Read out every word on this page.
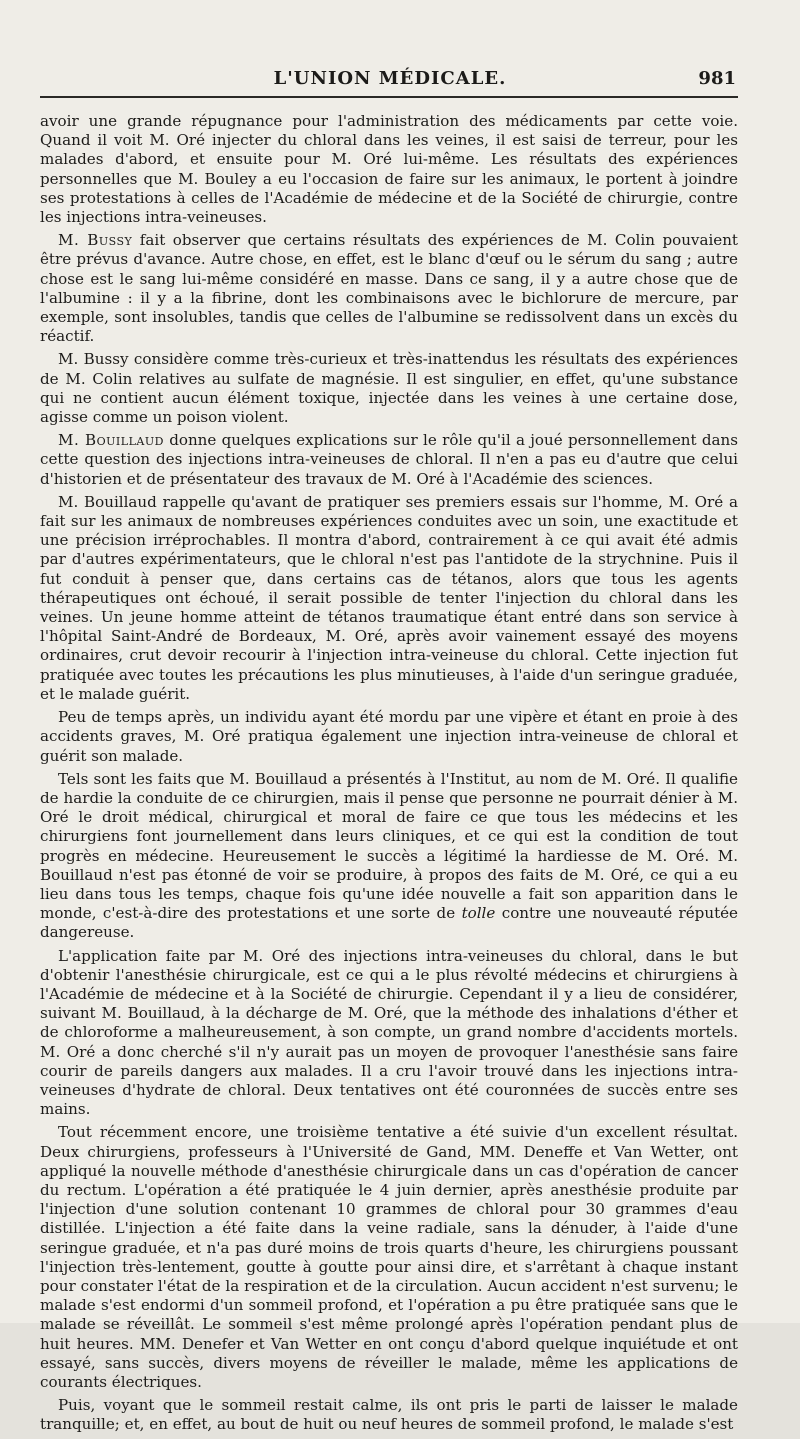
L'UNION MÉDICALE.	981

avoir une grande répugnance pour l'administration des médicaments par cette voie. Quand il voit M. Oré injecter du chloral dans les veines, il est saisi de terreur, pour les malades d'abord, et ensuite pour M. Oré lui-même. Les résultats des expériences personnelles que M. Bouley a eu l'occasion de faire sur les animaux, le portent à joindre ses protestations à celles de l'Académie de médecine et de la Société de chirurgie, contre les injections intra-veineuses.

M. Bussy fait observer que certains résultats des expériences de M. Colin pouvaient être prévus d'avance. Autre chose, en effet, est le blanc d'œuf ou le sérum du sang ; autre chose est le sang lui-même considéré en masse. Dans ce sang, il y a autre chose que de l'albumine : il y a la fibrine, dont les combinaisons avec le bichlorure de mercure, par exemple, sont insolubles, tandis que celles de l'albumine se redissolvent dans un excès du réactif.

M. Bussy considère comme très-curieux et très-inattendus les résultats des expériences de M. Colin relatives au sulfate de magnésie. Il est singulier, en effet, qu'une substance qui ne contient aucun élément toxique, injectée dans les veines à une certaine dose, agisse comme un poison violent.

M. Bouillaud donne quelques explications sur le rôle qu'il a joué personnellement dans cette question des injections intra-veineuses de chloral. Il n'en a pas eu d'autre que celui d'historien et de présentateur des travaux de M. Oré à l'Académie des sciences.

M. Bouillaud rappelle qu'avant de pratiquer ses premiers essais sur l'homme, M. Oré a fait sur les animaux de nombreuses expériences conduites avec un soin, une exactitude et une précision irréprochables. Il montra d'abord, contrairement à ce qui avait été admis par d'autres expérimentateurs, que le chloral n'est pas l'antidote de la strychnine. Puis il fut conduit à penser que, dans certains cas de tétanos, alors que tous les agents thérapeutiques ont échoué, il serait possible de tenter l'injection du chloral dans les veines. Un jeune homme atteint de tétanos traumatique étant entré dans son service à l'hôpital Saint-André de Bordeaux, M. Oré, après avoir vainement essayé des moyens ordinaires, crut devoir recourir à l'injection intra-veineuse du chloral. Cette injection fut pratiquée avec toutes les précautions les plus minutieuses, à l'aide d'un seringue graduée, et le malade guérit.

Peu de temps après, un individu ayant été mordu par une vipère et étant en proie à des accidents graves, M. Oré pratiqua également une injection intra-veineuse de chloral et guérit son malade.

Tels sont les faits que M. Bouillaud a présentés à l'Institut, au nom de M. Oré. Il qualifie de hardie la conduite de ce chirurgien, mais il pense que personne ne pourrait dénier à M. Oré le droit médical, chirurgical et moral de faire ce que tous les médecins et les chirurgiens font journellement dans leurs cliniques, et ce qui est la condition de tout progrès en médecine. Heureusement le succès a légitimé la hardiesse de M. Oré. M. Bouillaud n'est pas étonné de voir se produire, à propos des faits de M. Oré, ce qui a eu lieu dans tous les temps, chaque fois qu'une idée nouvelle a fait son apparition dans le monde, c'est-à-dire des protestations et une sorte de tolle contre une nouveauté réputée dangereuse.

L'application faite par M. Oré des injections intra-veineuses du chloral, dans le but d'obtenir l'anesthésie chirurgicale, est ce qui a le plus révolté médecins et chirurgiens à l'Académie de médecine et à la Société de chirurgie. Cependant il y a lieu de considérer, suivant M. Bouillaud, à la décharge de M. Oré, que la méthode des inhalations d'éther et de chloroforme a malheureusement, à son compte, un grand nombre d'accidents mortels. M. Oré a donc cherché s'il n'y aurait pas un moyen de provoquer l'anesthésie sans faire courir de pareils dangers aux malades. Il a cru l'avoir trouvé dans les injections intra-veineuses d'hydrate de chloral. Deux tentatives ont été couronnées de succès entre ses mains.

Tout récemment encore, une troisième tentative a été suivie d'un excellent résultat. Deux chirurgiens, professeurs à l'Université de Gand, MM. Deneffe et Van Wetter, ont appliqué la nouvelle méthode d'anesthésie chirurgicale dans un cas d'opération de cancer du rectum. L'opération a été pratiquée le 4 juin dernier, après anesthésie produite par l'injection d'une solution contenant 10 grammes de chloral pour 30 grammes d'eau distillée. L'injection a été faite dans la veine radiale, sans la dénuder, à l'aide d'une seringue graduée, et n'a pas duré moins de trois quarts d'heure, les chirurgiens poussant l'injection très-lentement, goutte à goutte pour ainsi dire, et s'arrêtant à chaque instant pour constater l'état de la respiration et de la circulation. Aucun accident n'est survenu; le malade s'est endormi d'un sommeil profond, et l'opération a pu être pratiquée sans que le malade se réveillât. Le sommeil s'est même prolongé après l'opération pendant plus de huit heures. MM. Denefer et Van Wetter en ont conçu d'abord quelque inquiétude et ont essayé, sans succès, divers moyens de réveiller le malade, même les applications de courants électriques.

Puis, voyant que le sommeil restait calme, ils ont pris le parti de laisser le malade tranquille; et, en effet, au bout de huit ou neuf heures de sommeil profond, le malade s'est
